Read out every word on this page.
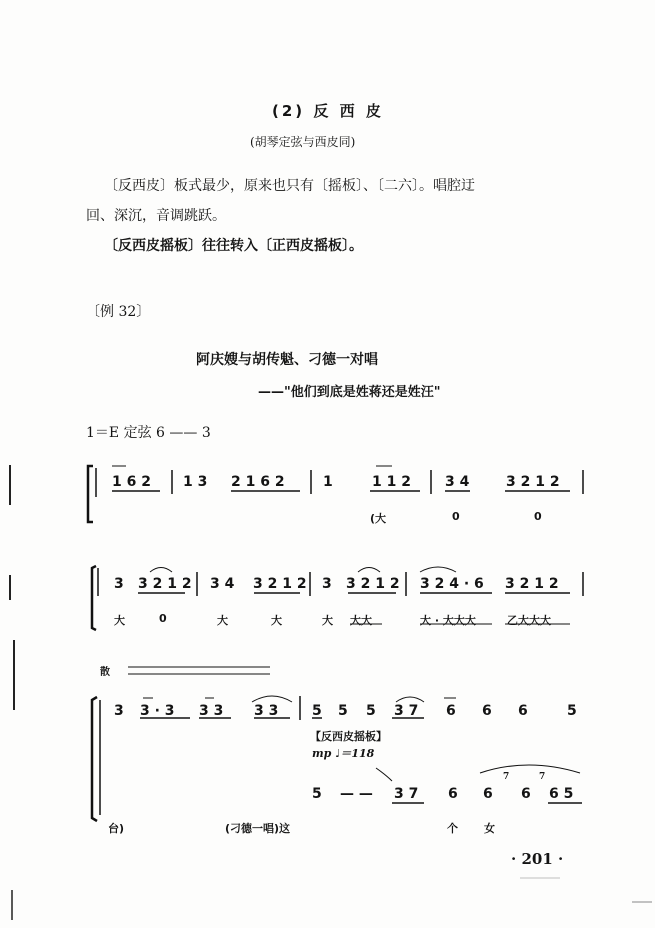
(2) 反 西 皮
(胡琴定弦与西皮同)
〔反西皮〕板式最少，原来也只有〔摇板〕、〔二六〕。唱腔迂
回、深沉，音调跳跃。
〔反西皮摇板〕往往转入〔正西皮摇板〕。
〔例 32〕
阿庆嫂与胡传魁、刁德一对唱
——"他们到底是姓蒋还是姓汪"
1＝E 定弦 6 —— 3
1 6 2 1 3 2 1 6 2	1	1 1 2 3 4	3 2 1 2
(大	0	0
3 3 2 1 2 3 4 3 2 1 2 3 3 2 1 2 3 2 4 · 6 3 2 1 2
大	0	大	大	大 大大	大 · 大大大	乙大大大
散
3 3 · 3 3 3 3 3 5 5 5 3 7 6 6 6	5
【反西皮摇板】
mp ♩＝118
5 — — 3 7 6 6 6 6 5
7	7
台)	(刁德一唱)这	个 女
· 201 ·
